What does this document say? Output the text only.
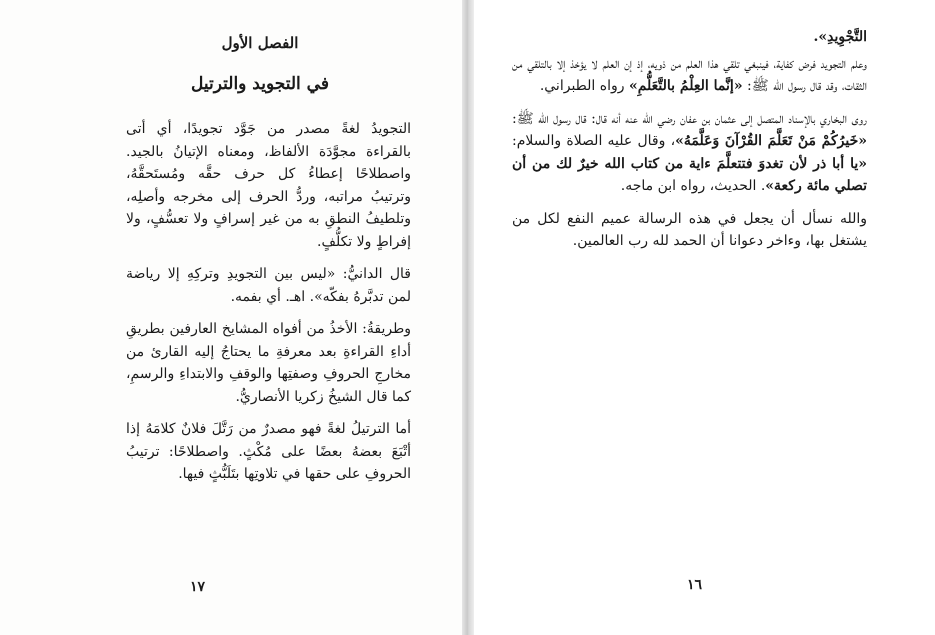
الفصل الأول
في التجويد والترتيل

التجويدُ لغةً مصدر من جَوَّد تجويدًا، أي أتى بالقراءة مجوَّدَة الألفاظ، ومعناه الإتيانُ بالجيد. واصطلاحًا إعطاءُ كل حرف حقَّه ومُستَحقَّهُ، وترتيبُ مراتبه، وردُّ الحرف إلى مخرجه وأصلِه، وتلطيفُ النطقِ به من غير إسرافٍ ولا تعسُّفٍ، ولا إفراطٍ ولا تكلُّفٍ.

قال الدانيُّ: «ليس بين التجويدِ وتركِهِ إلا رياضة لمن تدبَّرهُ بفكّه». اهـ. أي بفمه.

وطريقةُ: الأخذُ من أفواه المشايخ العارفين بطريقِ أداءِ القراءةِ بعد معرفةِ ما يحتاجُ إليه القارئ من مخارجِ الحروفِ وصفتِها والوقفِ والابتداءِ والرسمِ، كما قال الشيخُ زكريا الأنصاريُّ.

أما الترتيلُ لغةً فهو مصدرٌ من رَتَّلَ فلانٌ كلامَهُ إذا أتْبَعَ بعضهُ بعضًا على مُكْثٍ. واصطلاحًا: ترتيبُ الحروفِ على حقها في تلاوتِها بتَلَبُّثٍ فيها.

١٧

التَّجْوِيدِ».

وعلم التجويد فرض كفاية، فينبغي تلقي هذا العلم من ذويه، إذ إن العلم لا يؤخذ إلا بالتلقي من الثقات، وقد قال رسول الله ﷺ: «إنَّما العِلْمُ بالتَّعَلُّمِ» رواه الطبراني.

روى البخاري بالإسناد المتصل إلى عثمان بن عفان رضي الله عنه أنه قال: قال رسول الله ﷺ: «خَيرُكُمْ مَنْ تَعَلَّمَ القُرْآنَ وَعَلَّمَهُ»، وقال عليه الصلاة والسلام: «يا أبا ذر لأن تغدوَ فتتعلَّمَ ءاية من كتاب الله خيرٌ لك من أن تصلي مائة ركعة». الحديث، رواه ابن ماجه.

والله نسأل أن يجعل في هذه الرسالة عميم النفع لكل من يشتغل بها، وءاخر دعوانا أن الحمد لله رب العالمين.

١٦
